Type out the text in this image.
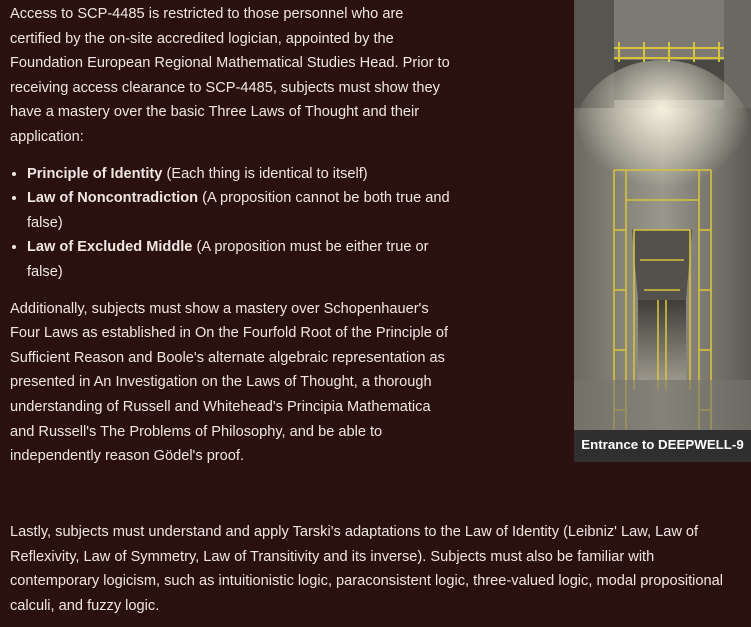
Access to SCP-4485 is restricted to those personnel who are certified by the on-site accredited logician, appointed by the Foundation European Regional Mathematical Studies Head. Prior to receiving access clearance to SCP-4485, subjects must show they have a mastery over the basic Three Laws of Thought and their application:

• Principle of Identity (Each thing is identical to itself)
• Law of Noncontradiction (A proposition cannot be both true and false)
• Law of Excluded Middle (A proposition must be either true or false)

Additionally, subjects must show a mastery over Schopenhauer's Four Laws as established in On the Fourfold Root of the Principle of Sufficient Reason and Boole's alternate algebraic representation as presented in An Investigation on the Laws of Thought, a thorough understanding of Russell and Whitehead's Principia Mathematica and Russell's The Problems of Philosophy, and be able to independently reason Gödel's proof.

Lastly, subjects must understand and apply Tarski's adaptations to the Law of Identity (Leibniz' Law, Law of Reflexivity, Law of Symmetry, Law of Transitivity and its inverse). Subjects must also be familiar with contemporary logicism, such as intuitionistic logic, paraconsistent logic, three-valued logic, modal propositional calculi, and fuzzy logic.

Entrance to DEEPWELL-9
